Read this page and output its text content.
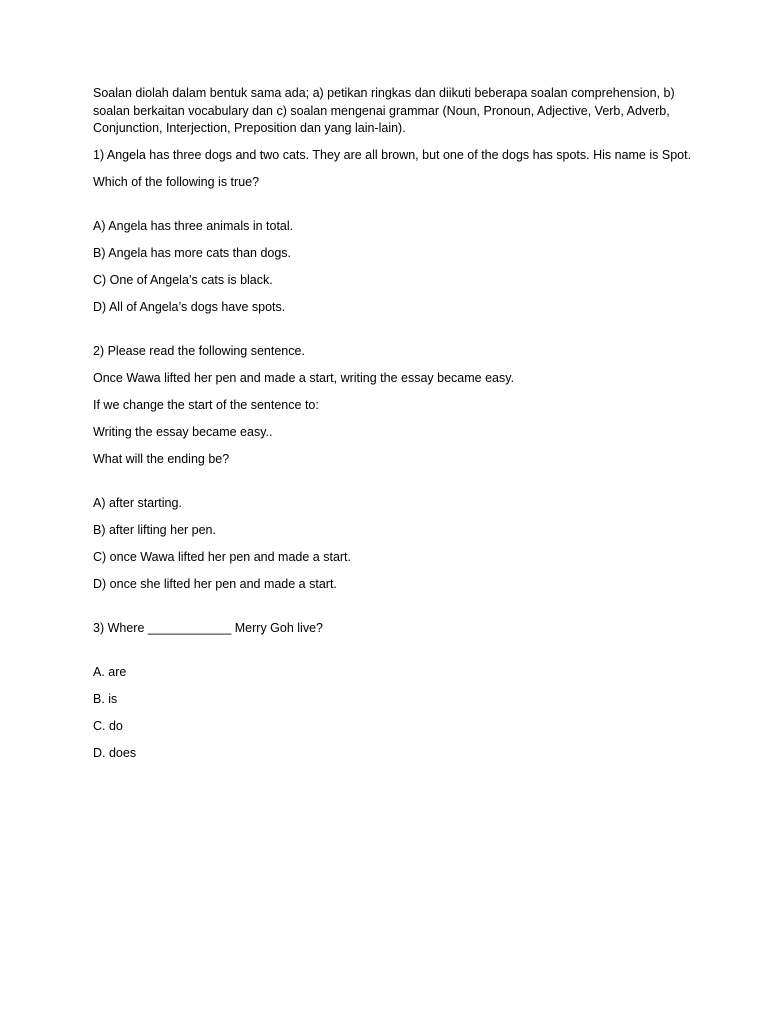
Soalan diolah dalam bentuk sama ada; a) petikan ringkas dan diikuti beberapa soalan comprehension, b) soalan berkaitan vocabulary dan c) soalan mengenai grammar (Noun, Pronoun, Adjective, Verb, Adverb, Conjunction, Interjection, Preposition dan yang lain-lain).

1) Angela has three dogs and two cats. They are all brown, but one of the dogs has spots. His name is Spot.

Which of the following is true?

A) Angela has three animals in total.

B) Angela has more cats than dogs.

C) One of Angela’s cats is black.

D) All of Angela’s dogs have spots.

2) Please read the following sentence.

Once Wawa lifted her pen and made a start, writing the essay became easy.

If we change the start of the sentence to:

Writing the essay became easy..

What will the ending be?

A) after starting.

B) after lifting her pen.

C) once Wawa lifted her pen and made a start.

D) once she lifted her pen and made a start.

3) Where ____________ Merry Goh live?

A. are

B. is

C. do

D. does
